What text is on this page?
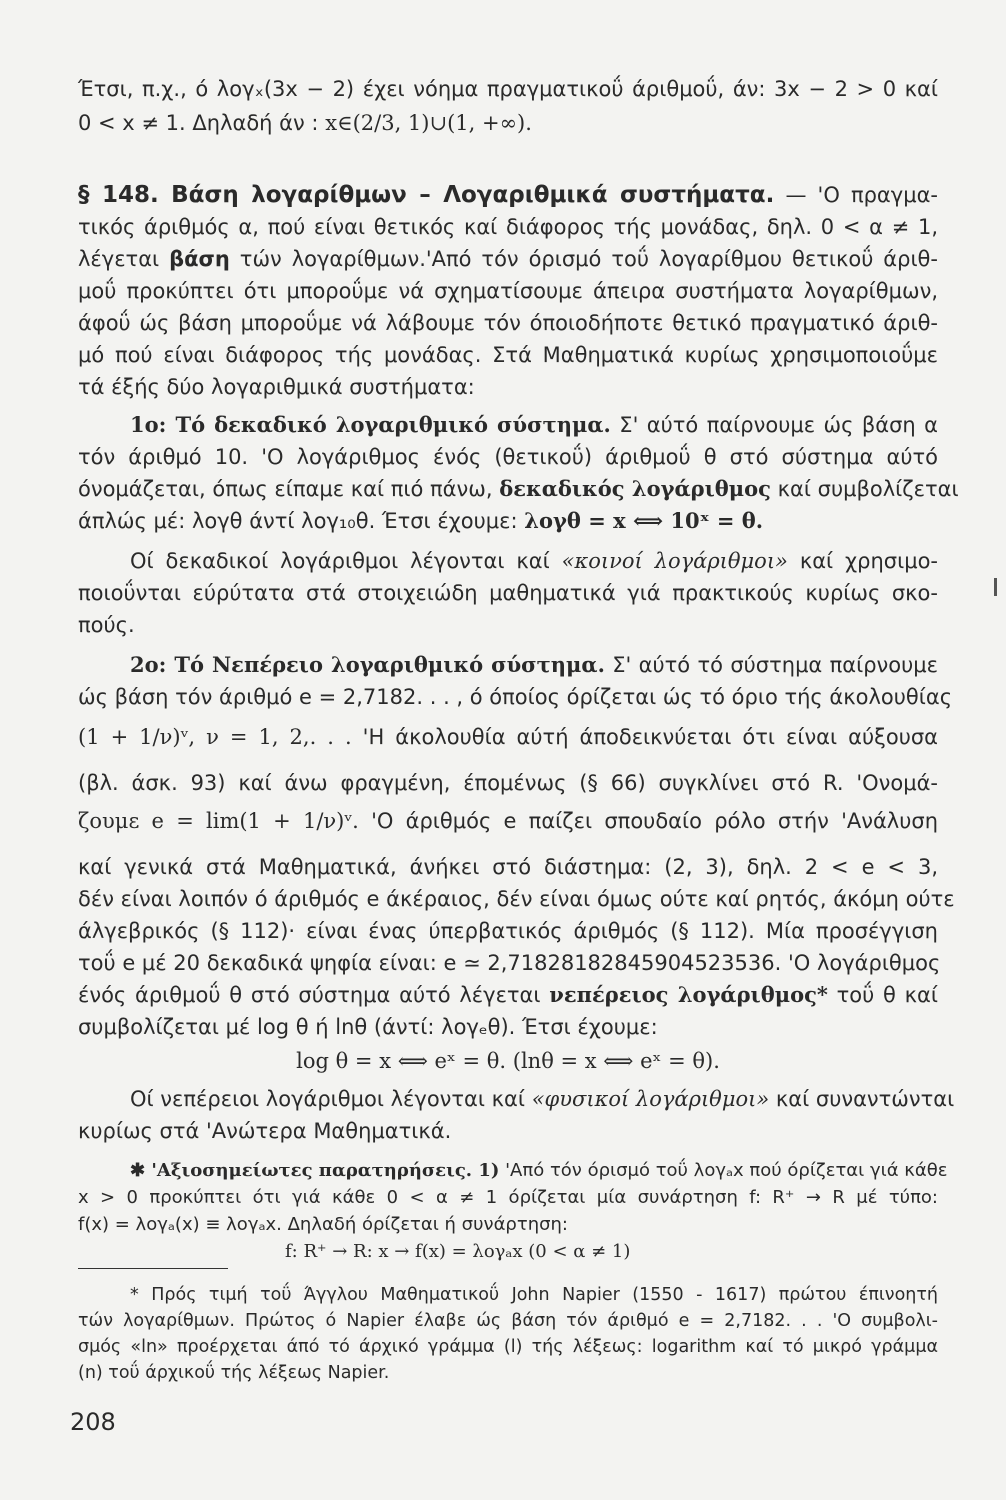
Έτσι, π.χ., ό λογₓ(3x − 2) έχει νόημα πραγματικοΰ άριθμοΰ, άν: 3x − 2 > 0 καί
0 < x ≠ 1. Δηλαδή άν : x∈(2/3, 1)∪(1, +∞).
§ 148. Βάση λογαρίθμων – Λογαριθμικά συστήματα. — 'Ο πραγμα-
τικός άριθμός α, πού είναι θετικός καί διάφορος τής μονάδας, δηλ. 0 < α ≠ 1,
λέγεται βάση τών λογαρίθμων.'Από τόν όρισμό τοΰ λογαρίθμου θετικοΰ άριθ-
μοΰ προκύπτει ότι μποροΰμε νά σχηματίσουμε άπειρα συστήματα λογαρίθμων,
άφοΰ ώς βάση μποροΰμε νά λάβουμε τόν όποιοδήποτε θετικό πραγματικό άριθ-
μό πού είναι διάφορος τής μονάδας. Στά Μαθηματικά κυρίως χρησιμοποιοΰμε
τά έξής δύο λογαριθμικά συστήματα:
1ο: Τό δεκαδικό λογαριθμικό σύστημα. Σ' αύτό παίρνουμε ώς βάση α
τόν άριθμό 10. 'Ο λογάριθμος ένός (θετικοΰ) άριθμοΰ θ στό σύστημα αύτό
όνομάζεται, όπως είπαμε καί πιό πάνω, δεκαδικός λογάριθμος καί συμβολίζεται
άπλώς μέ: λογθ άντί λογ₁₀θ. Έτσι έχουμε: λογθ = x ⟺ 10ˣ = θ.
Οί δεκαδικοί λογάριθμοι λέγονται καί «κοινοί λογάριθμοι» καί χρησιμο-
ποιοΰνται εύρύτατα στά στοιχειώδη μαθηματικά γιά πρακτικούς κυρίως σκο-
πούς.
2ο: Τό Νεπέρειο λογαριθμικό σύστημα. Σ' αύτό τό σύστημα παίρνουμε
ώς βάση τόν άριθμό e = 2,7182. . . , ό όποίος όρίζεται ώς τό όριο τής άκολουθίας
(1 + 1/ν)ᵛ, ν = 1, 2,. . . 'Η άκολουθία αύτή άποδεικνύεται ότι είναι αύξουσα
(βλ. άσκ. 93) καί άνω φραγμένη, έπομένως (§ 66) συγκλίνει στό R. 'Ονομά-
ζουμε e = lim(1 + 1/ν)ᵛ. 'Ο άριθμός e παίζει σπουδαίο ρόλο στήν 'Ανάλυση
καί γενικά στά Μαθηματικά, άνήκει στό διάστημα: (2, 3), δηλ. 2 < e < 3,
δέν είναι λοιπόν ό άριθμός e άκέραιος, δέν είναι όμως ούτε καί ρητός, άκόμη ούτε
άλγεβρικός (§ 112)· είναι ένας ύπερβατικός άριθμός (§ 112). Μία προσέγγιση
τοΰ e μέ 20 δεκαδικά ψηφία είναι: e ≃ 2,71828182845904523536. 'Ο λογάριθμος
ένός άριθμοΰ θ στό σύστημα αύτό λέγεται νεπέρειος λογάριθμος* τοΰ θ καί
συμβολίζεται μέ log θ ή lnθ (άντί: λογₑθ). Έτσι έχουμε:
log θ = x ⟺ eˣ = θ. (lnθ = x ⟺ eˣ = θ).
Οί νεπέρειοι λογάριθμοι λέγονται καί «φυσικοί λογάριθμοι» καί συναντώνται
κυρίως στά 'Ανώτερα Μαθηματικά.
✱ 'Αξιοσημείωτες παρατηρήσεις. 1) 'Από τόν όρισμό τοΰ λογₐx πού όρίζεται γιά κάθε
x > 0 προκύπτει ότι γιά κάθε 0 < α ≠ 1 όρίζεται μία συνάρτηση f: R⁺ → R μέ τύπο:
f(x) = λογₐ(x) ≡ λογₐx. Δηλαδή όρίζεται ή συνάρτηση:
f: R⁺ → R: x → f(x) = λογₐx (0 < α ≠ 1)
* Πρός τιμή τοΰ Άγγλου Μαθηματικοΰ John Napier (1550 - 1617) πρώτου έπινοητή
τών λογαρίθμων. Πρώτος ό Napier έλαβε ώς βάση τόν άριθμό e = 2,7182. . . 'Ο συμβολι-
σμός «ln» προέρχεται άπό τό άρχικό γράμμα (l) τής λέξεως: logarithm καί τό μικρό γράμμα
(n) τοΰ άρχικοΰ τής λέξεως Napier.
208
